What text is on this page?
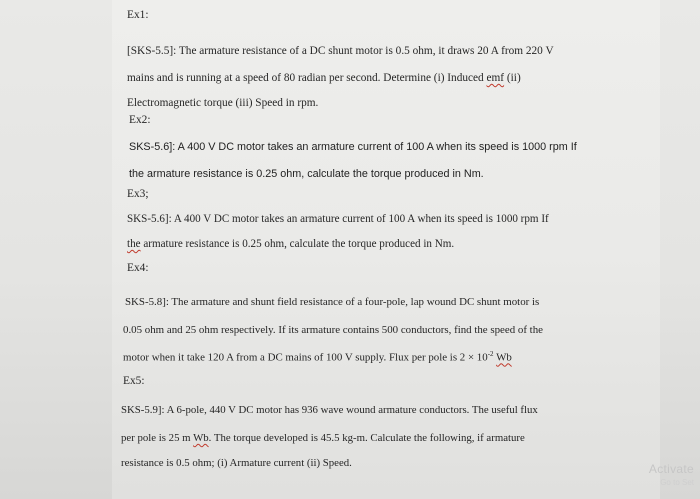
Ex1:
[SKS-5.5]: The armature resistance of a DC shunt motor is 0.5 ohm, it draws 20 A from 220 V
mains and is running at a speed of 80 radian per second. Determine (i) Induced emf (ii)
Electromagnetic torque (iii) Speed in rpm.
Ex2:
SKS-5.6]: A 400 V DC motor takes an armature current of 100 A when its speed is 1000 rpm If
the armature resistance is 0.25 ohm, calculate the torque produced in Nm.
Ex3;
SKS-5.6]: A 400 V DC motor takes an armature current of 100 A when its speed is 1000 rpm If
the armature resistance is 0.25 ohm, calculate the torque produced in Nm.
Ex4:
SKS-5.8]: The armature and shunt field resistance of a four-pole, lap wound DC shunt motor is
0.05 ohm and 25 ohm respectively. If its armature contains 500 conductors, find the speed of the
motor when it take 120 A from a DC mains of 100 V supply. Flux per pole is $2 \times 10^{-2}$ Wb
Ex5:
SKS-5.9]: A 6-pole, 440 V DC motor has 936 wave wound armature conductors. The useful flux
per pole is 25 m Wb. The torque developed is 45.5 kg-m. Calculate the following, if armature
resistance is 0.5 ohm; (i) Armature current (ii) Speed.	Activate
Go to Set
